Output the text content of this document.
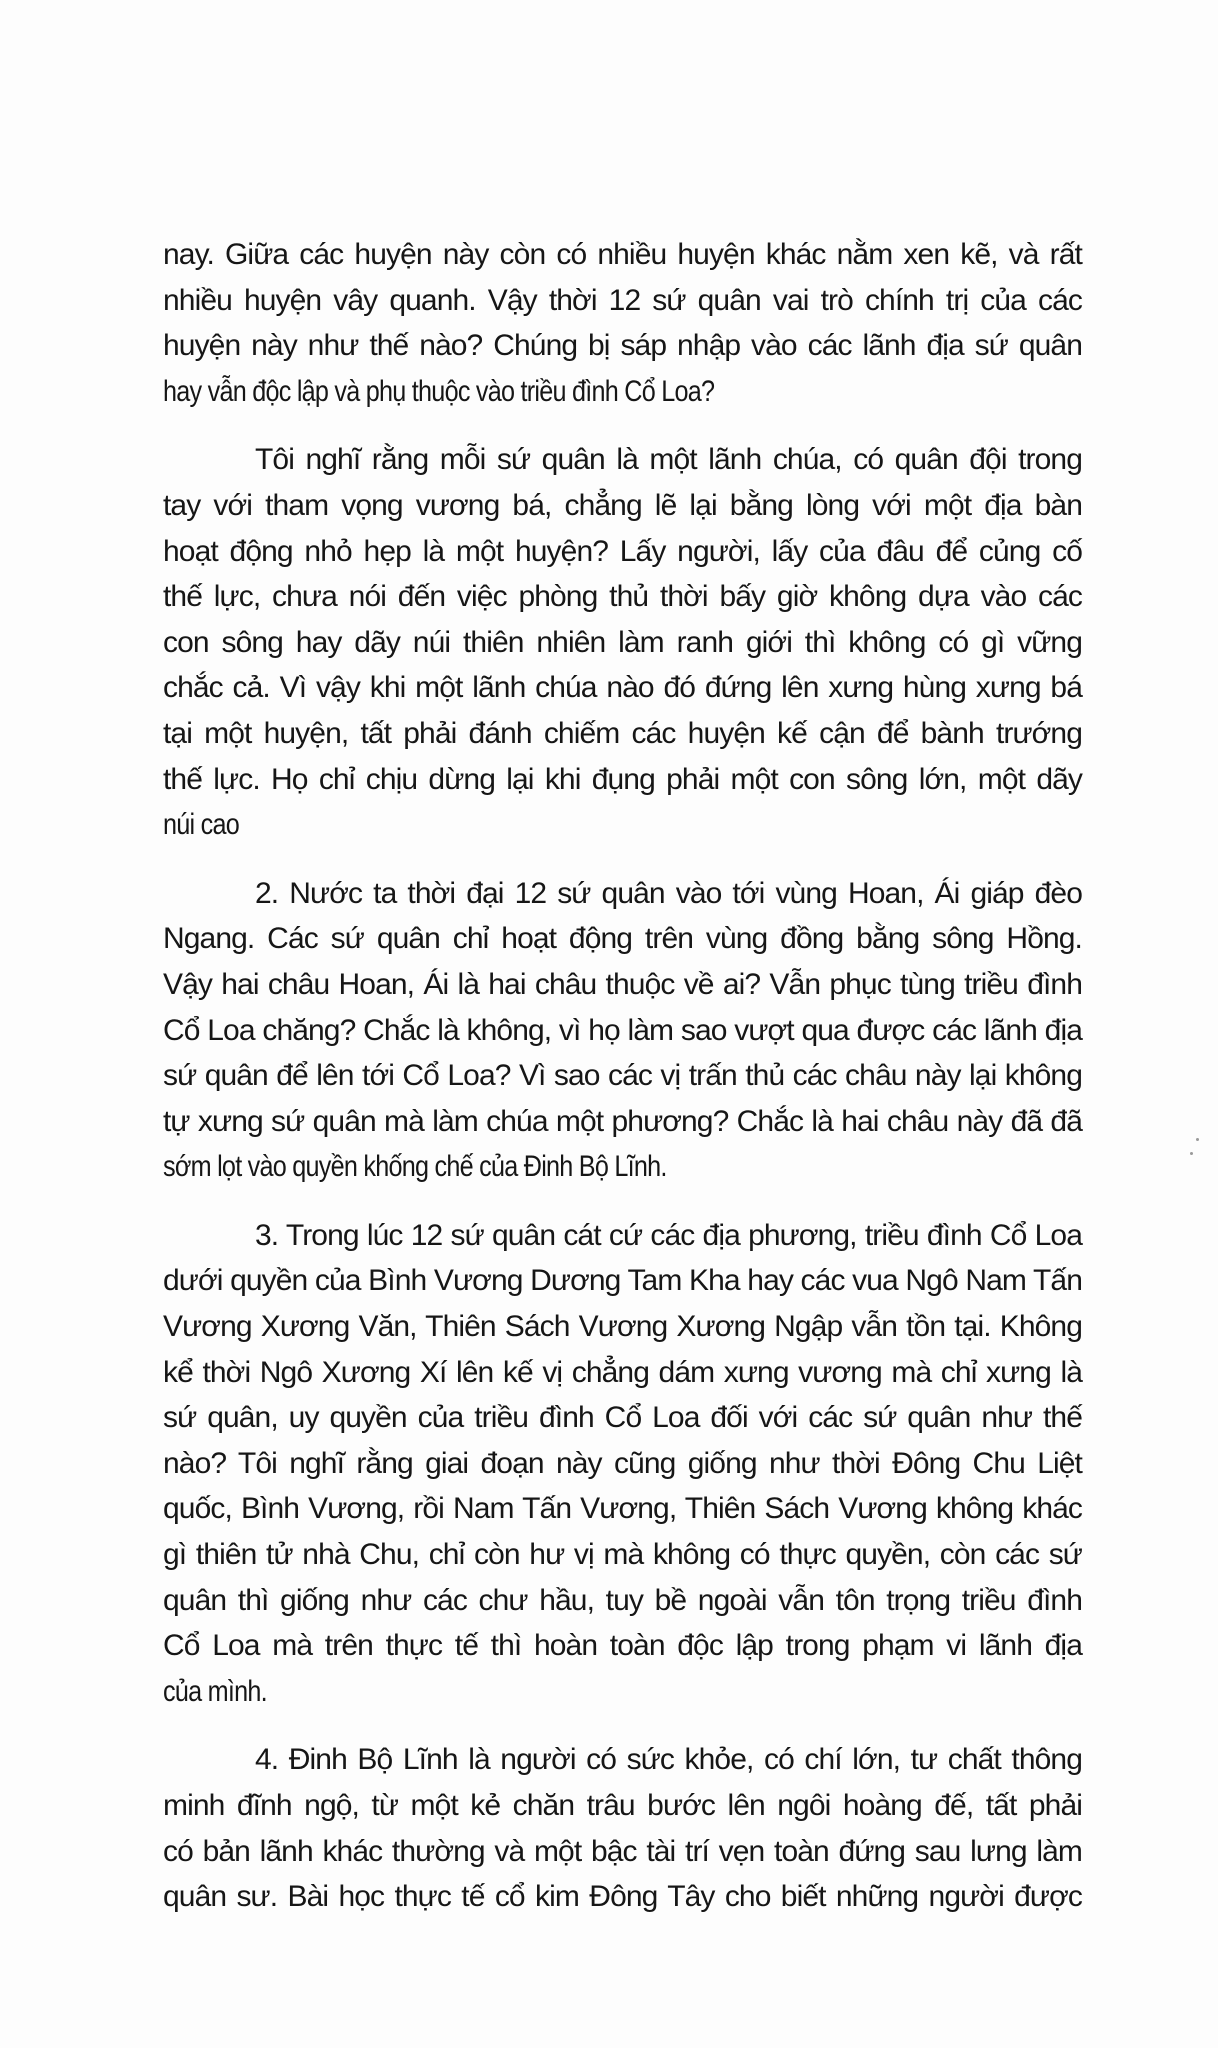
nay. Giữa các huyện này còn có nhiều huyện khác nằm xen kẽ, và rất
nhiều huyện vây quanh. Vậy thời 12 sứ quân vai trò chính trị của các
huyện này như thế nào? Chúng bị sáp nhập vào các lãnh địa sứ quân
hay vẫn độc lập và phụ thuộc vào triều đình Cổ Loa?

Tôi nghĩ rằng mỗi sứ quân là một lãnh chúa, có quân đội trong
tay với tham vọng vương bá, chẳng lẽ lại bằng lòng với một địa bàn
hoạt động nhỏ hẹp là một huyện? Lấy người, lấy của đâu để củng cố
thế lực, chưa nói đến việc phòng thủ thời bấy giờ không dựa vào các
con sông hay dãy núi thiên nhiên làm ranh giới thì không có gì vững
chắc cả. Vì vậy khi một lãnh chúa nào đó đứng lên xưng hùng xưng bá
tại một huyện, tất phải đánh chiếm các huyện kế cận để bành trướng
thế lực. Họ chỉ chịu dừng lại khi đụng phải một con sông lớn, một dãy
núi cao

2. Nước ta thời đại 12 sứ quân vào tới vùng Hoan, Ái giáp đèo
Ngang. Các sứ quân chỉ hoạt động trên vùng đồng bằng sông Hồng.
Vậy hai châu Hoan, Ái là hai châu thuộc về ai? Vẫn phục tùng triều đình
Cổ Loa chăng? Chắc là không, vì họ làm sao vượt qua được các lãnh địa
sứ quân để lên tới Cổ Loa? Vì sao các vị trấn thủ các châu này lại không
tự xưng sứ quân mà làm chúa một phương? Chắc là hai châu này đã đã
sớm lọt vào quyền khống chế của Đinh Bộ Lĩnh.

3. Trong lúc 12 sứ quân cát cứ các địa phương, triều đình Cổ Loa
dưới quyền của Bình Vương Dương Tam Kha hay các vua Ngô Nam Tấn
Vương Xương Văn, Thiên Sách Vương Xương Ngập vẫn tồn tại. Không
kể thời Ngô Xương Xí lên kế vị chẳng dám xưng vương mà chỉ xưng là
sứ quân, uy quyền của triều đình Cổ Loa đối với các sứ quân như thế
nào? Tôi nghĩ rằng giai đoạn này cũng giống như thời Đông Chu Liệt
quốc, Bình Vương, rồi Nam Tấn Vương, Thiên Sách Vương không khác
gì thiên tử nhà Chu, chỉ còn hư vị mà không có thực quyền, còn các sứ
quân thì giống như các chư hầu, tuy bề ngoài vẫn tôn trọng triều đình
Cổ Loa mà trên thực tế thì hoàn toàn độc lập trong phạm vi lãnh địa
của mình.

4. Đinh Bộ Lĩnh là người có sức khỏe, có chí lớn, tư chất thông
minh đĩnh ngộ, từ một kẻ chăn trâu bước lên ngôi hoàng đế, tất phải
có bản lãnh khác thường và một bậc tài trí vẹn toàn đứng sau lưng làm
quân sư. Bài học thực tế cổ kim Đông Tây cho biết những người được
